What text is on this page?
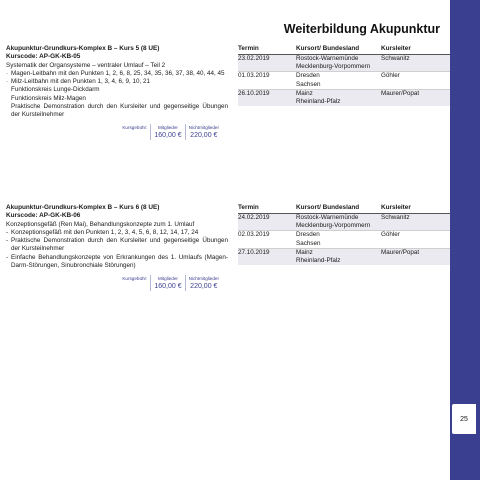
25
Weiterbildung Akupunktur

Akupunktur-Grundkurs-Komplex B – Kurs 5 (8 UE)

Kurscode: AP-GK-KB-05

Systematik der Organsysteme – ventraler Umlauf – Teil 2

· Magen-Leitbahn mit den Punkten 1, 2, 6, 8, 25, 34, 35, 36, 37, 38, 40, 44, 45
· Milz-Leitbahn mit den Punkten 1, 3, 4, 6, 9, 10, 21
Funktionskreis Lunge-Dickdarm
Funktionskreis Milz-Magen
Praktische Demonstration durch den Kursleiter und gegenseitige Übungen der Kursteilnehmer
Kursgebühr:	Mitglieder
160,00 €
Nichtmitglieder
220,00 €
Termin	Kursort/ Bundesland	Kursleiter
23.02.2019	Rostock-Warnemünde	Schwanitz
	Mecklenburg-Vorpommern	
01.03.2019	Dresden	Göhler
	Sachsen	
26.10.2019	Mainz	Maurer/Popat
	Rheinland-Pfalz	

Akupunktur-Grundkurs-Komplex B – Kurs 6 (8 UE)

Kurscode: AP-GK-KB-06

Konzeptionsgefäß (Ren Mai), Behandlungskonzepte zum 1. Umlauf

- Konzeptionsgefäß mit den Punkten 1, 2, 3, 4, 5, 6, 8, 12, 14, 17, 24
- Praktische Demonstration durch den Kursleiter und gegenseitige Übungen der Kursteilnehmer
- Einfache Behandlungskonzepte von Erkrankungen des 1. Umlaufs (Magen-Darm-Störungen, Sinubronchiale Störungen)
Kursgebühr:	Mitglieder
160,00 €
Nichtmitglieder
220,00 €
Termin	Kursort/ Bundesland	Kursleiter
24.02.2019	Rostock-Warnemünde	Schwanitz
	Mecklenburg-Vorpommern	
02.03.2019	Dresden	Göhler
	Sachsen	
27.10.2019	Mainz	Maurer/Popat
	Rheinland-Pfalz	
